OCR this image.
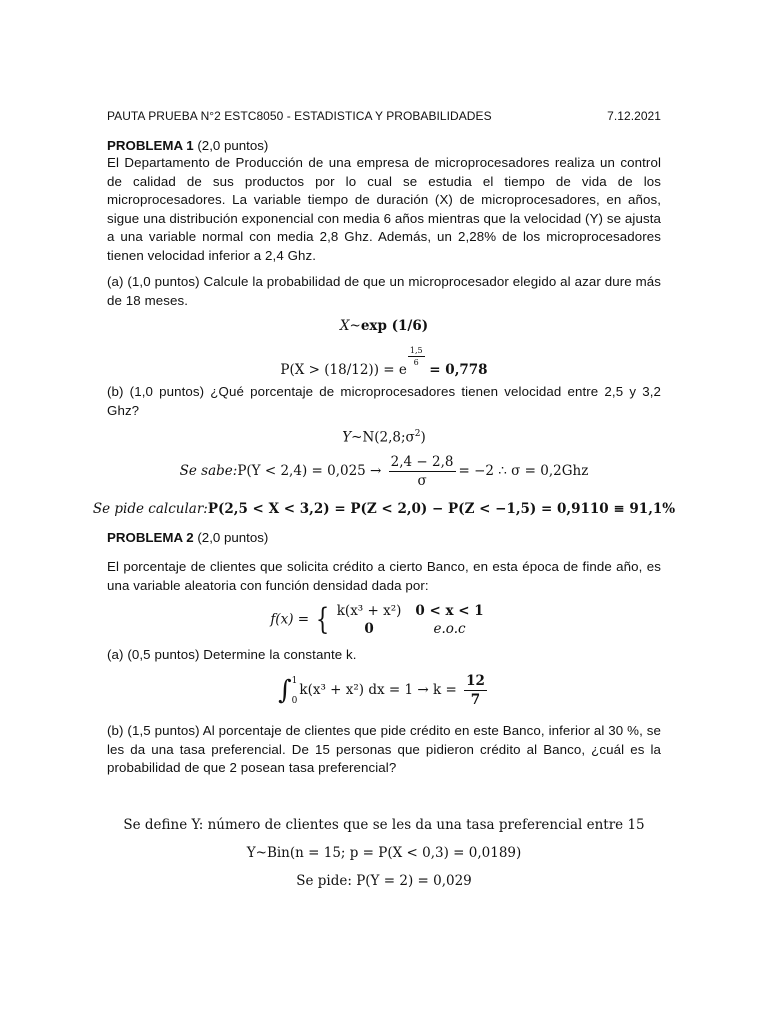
PAUTA PRUEBA N°2 ESTC8050 - ESTADISTICA Y PROBABILIDADES	7.12.2021
PROBLEMA 1 (2,0 puntos)
El Departamento de Producción de una empresa de microprocesadores realiza un control de calidad de sus productos por lo cual se estudia el tiempo de vida de los microprocesadores. La variable tiempo de duración (X) de microprocesadores, en años, sigue una distribución exponencial con media 6 años mientras que la velocidad (Y) se ajusta a una variable normal con media 2,8 Ghz. Además, un 2,28% de los microprocesadores tienen velocidad inferior a 2,4 Ghz.
(a) (1,0 puntos) Calcule la probabilidad de que un microprocesador elegido al azar dure más de 18 meses.
X~exp (1/6)
P(X > (18/12)) = e
$\frac{1,5}{6}$
= 0,778
(b) (1,0 puntos) ¿Qué porcentaje de microprocesadores tienen velocidad entre 2,5 y 3,2 Ghz?
$Y\sim N(2,8;\sigma^2)$
Se sabe:P(Y < $2,4) = 0,025 \to \frac{2,4 - 2,8}{\sigma} = -2$ ∴ σ = 0,2Ghz
Se pide calcular:P(2,5 < X < 3,2) = P(Z < 2,0) − P(Z < −1,5) = 0,9110 ≡ 91,1%
PROBLEMA 2 (2,0 puntos)
El porcentaje de clientes que solicita crédito a cierto Banco, en esta época de finde año, es una variable aleatoria con función densidad dada por:
f(x) = { k(x³ + x²)	0 < x < 1
0	e.o.c
(a) (0,5 puntos) Determine la constante k.
∫1

0k(x³ + x²) dx = $1 \to k = \frac{12}{7}$
(b) (1,5 puntos) Al porcentaje de clientes que pide crédito en este Banco, inferior al 30 %, se les da una tasa preferencial. De 15 personas que pidieron crédito al Banco, ¿cuál es la probabilidad de que 2 posean tasa preferencial?
Se define Y: número de clientes que se les da una tasa preferencial entre 15
Y~Bin(n = 15; p = P(X < 0,3) = 0,0189)
Se pide: P(Y = 2) = 0,029
